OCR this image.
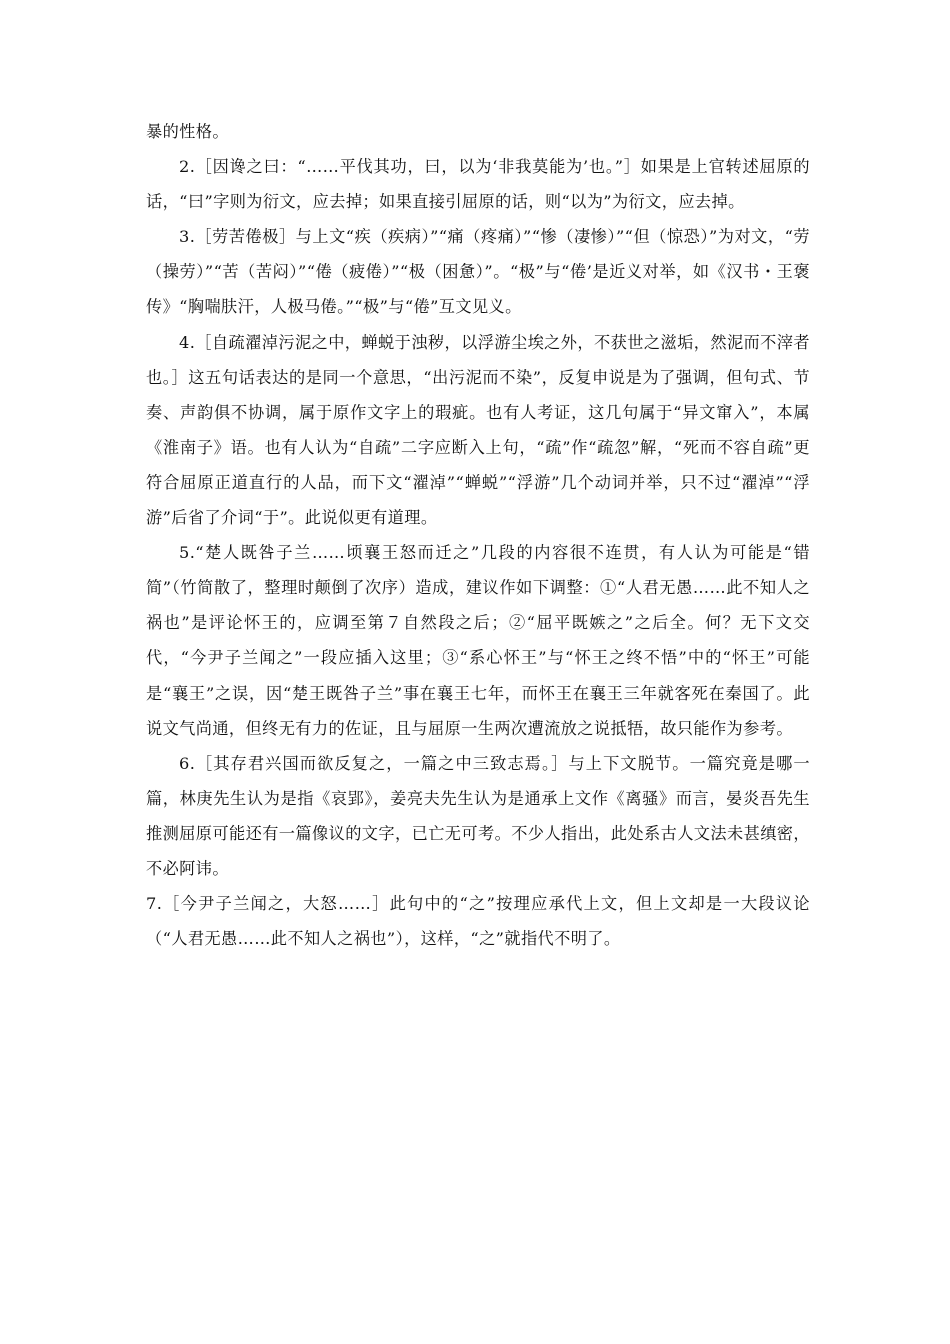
暴的性格。

2.［因谗之曰：“……平伐其功，曰，以为‘非我莫能为’也。”］如果是上官转述屈原的话，“曰”字则为衍文，应去掉；如果直接引屈原的话，则“以为”为衍文，应去掉。

3.［劳苦倦极］与上文“疾（疾病）”“痛（疼痛）”“惨（凄惨）”“但（惊恐）”为对文，“劳（操劳）”“苦（苦闷）”“倦（疲倦）”“极（困惫）”。“极”与“倦’是近义对举，如《汉书・王褒传》“胸喘肤汗，人极马倦。”“极”与“倦”互文见义。

4.［自疏濯淖污泥之中，蝉蜕于浊秽，以浮游尘埃之外，不获世之滋垢，然泥而不滓者也。］这五句话表达的是同一个意思，“出污泥而不染”，反复申说是为了强调，但句式、节奏、声韵俱不协调，属于原作文字上的瑕疵。也有人考证，这几句属于“异文窜入”，本属《淮南子》语。也有人认为“自疏”二字应断入上句，“疏”作“疏忽”解，“死而不容自疏”更符合屈原正道直行的人品，而下文“濯淖”“蝉蜕”“浮游”几个动词并举，只不过“濯淖”“浮游”后省了介词“于”。此说似更有道理。

5.“楚人既咎子兰……顷襄王怒而迁之”几段的内容很不连贯，有人认为可能是“错简”（竹简散了，整理时颠倒了次序）造成，建议作如下调整：①“人君无愚……此不知人之祸也”是评论怀王的，应调至第７自然段之后；②“屈平既嫉之”之后全。何？无下文交代，“今尹子兰闻之”一段应插入这里；③“系心怀王”与“怀王之终不悟”中的“怀王”可能是“襄王”之误，因“楚王既咎子兰”事在襄王七年，而怀王在襄王三年就客死在秦国了。此说文气尚通，但终无有力的佐证，且与屈原一生两次遭流放之说抵牾，故只能作为参考。

6.［其存君兴国而欲反复之，一篇之中三致志焉。］与上下文脱节。一篇究竟是哪一篇，林庚先生认为是指《哀郢》，姜亮夫先生认为是通承上文作《离骚》而言，晏炎吾先生推测屈原可能还有一篇像议的文字，已亡无可考。不少人指出，此处系古人文法未甚缜密，不必阿讳。

7.［今尹子兰闻之，大怒……］此句中的“之”按理应承代上文，但上文却是一大段议论（“人君无愚……此不知人之祸也”），这样，“之”就指代不明了。
